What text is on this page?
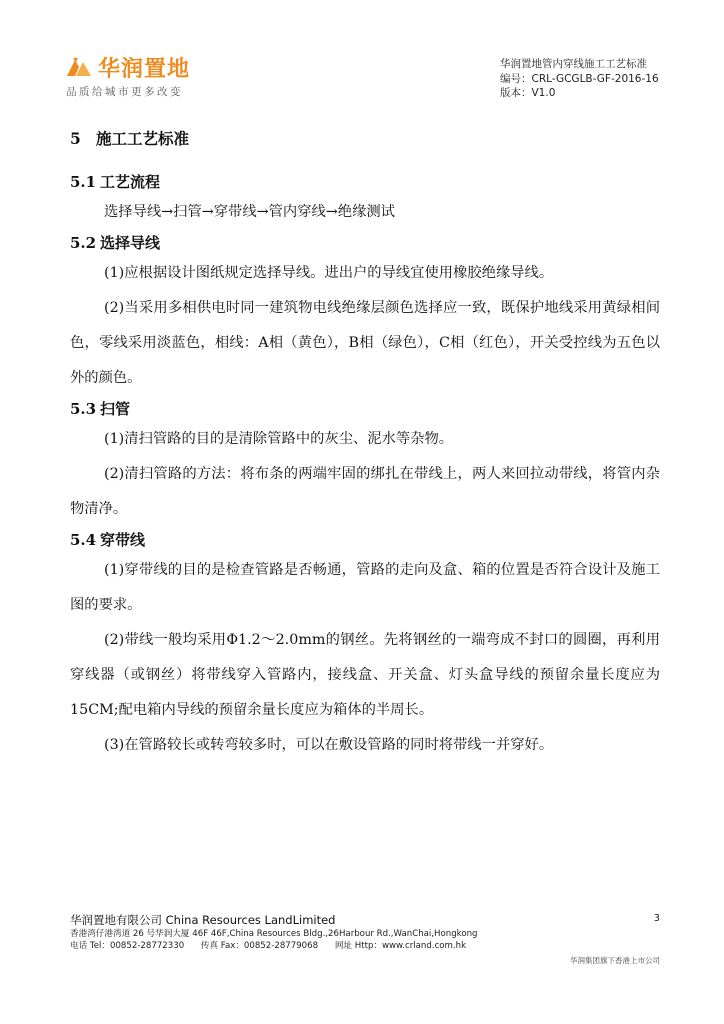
华润置地
品质给城市更多改变
华润置地管内穿线施工工艺标准
编号：CRL-GCGLB-GF-2016-16
版本：V1.0
5 施工工艺标准
5.1 工艺流程

选择导线→扫管→穿带线→管内穿线→绝缘测试

5.2 选择导线

(1)应根据设计图纸规定选择导线。进出户的导线宜使用橡胶绝缘导线。

(2)当采用多相供电时同一建筑物电线绝缘层颜色选择应一致，既保护地线采用黄绿相间色，零线采用淡蓝色，相线：A相（黄色），B相（绿色），C相（红色），开关受控线为五色以外的颜色。

5.3 扫管

(1)清扫管路的目的是清除管路中的灰尘、泥水等杂物。

(2)清扫管路的方法：将布条的两端牢固的绑扎在带线上，两人来回拉动带线，将管内杂物清净。

5.4 穿带线

(1)穿带线的目的是检查管路是否畅通，管路的走向及盒、箱的位置是否符合设计及施工图的要求。

(2)带线一般均采用Φ1.2～2.0mm的钢丝。先将钢丝的一端弯成不封口的圆圈，再利用穿线器（或钢丝）将带线穿入管路内，接线盒、开关盒、灯头盒导线的预留余量长度应为15CM;配电箱内导线的预留余量长度应为箱体的半周长。

(3)在管路较长或转弯较多时，可以在敷设管路的同时将带线一并穿好。

华润置地有限公司 China Resources LandLimited
香港湾仔港湾道 26 号华润大厦 46F 46F,China Resources Bldg.,26Harbour Rd.,WanChai,Hongkong
电话 Tel：00852-28772330 传真 Fax：00852-28779068 网址 Http：www.crland.com.hk
3
华润集团旗下香港上市公司
